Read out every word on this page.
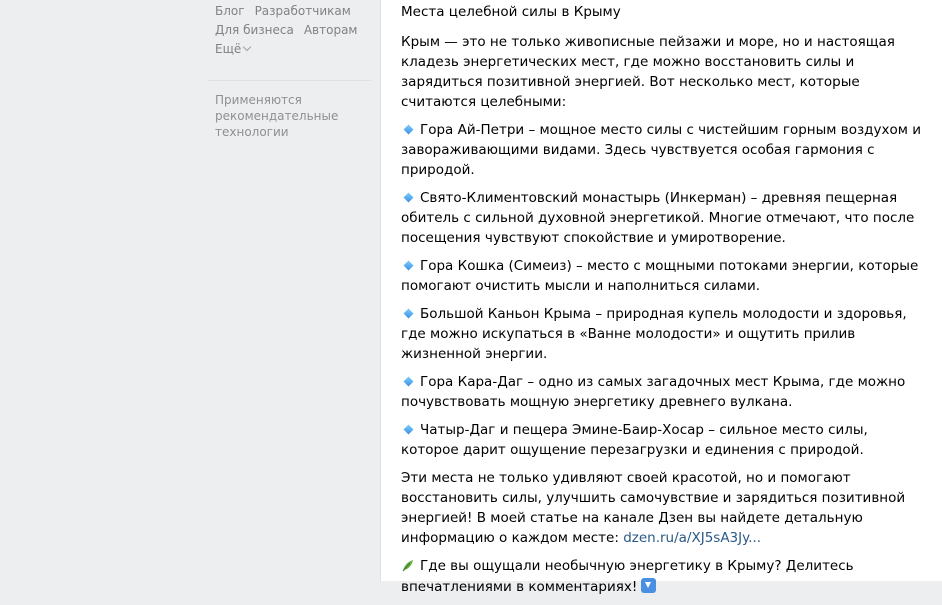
Блог Разработчикам
Для бизнеса Авторам
Ещё
Применяются рекомендательные технологии

Места целебной силы в Крыму

Крым — это не только живописные пейзажи и море, но и настоящая кладезь энергетических мест, где можно восстановить силы и зарядиться позитивной энергией. Вот несколько мест, которые считаются целебными:

Гора Ай-Петри – мощное место силы с чистейшим горным воздухом и завораживающими видами. Здесь чувствуется особая гармония с природой.

Свято-Климентовский монастырь (Инкерман) – древняя пещерная обитель с сильной духовной энергетикой. Многие отмечают, что после посещения чувствуют спокойствие и умиротворение.

Гора Кошка (Симеиз) – место с мощными потоками энергии, которые помогают очистить мысли и наполниться силами.

Большой Каньон Крыма – природная купель молодости и здоровья, где можно искупаться в «Ванне молодости» и ощутить прилив жизненной энергии.

Гора Кара-Даг – одно из самых загадочных мест Крыма, где можно почувствовать мощную энергетику древнего вулкана.

Чатыр-Даг и пещера Эмине-Баир-Хосар – сильное место силы, которое дарит ощущение перезагрузки и единения с природой.

Эти места не только удивляют своей красотой, но и помогают восстановить силы, улучшить самочувствие и зарядиться позитивной энергией! В моей статье на канале Дзен вы найдете детальную информацию о каждом месте: dzen.ru/a/XJ5sA3Jy...

Где вы ощущали необычную энергетику в Крыму? Делитесь впечатлениями в комментариях!
